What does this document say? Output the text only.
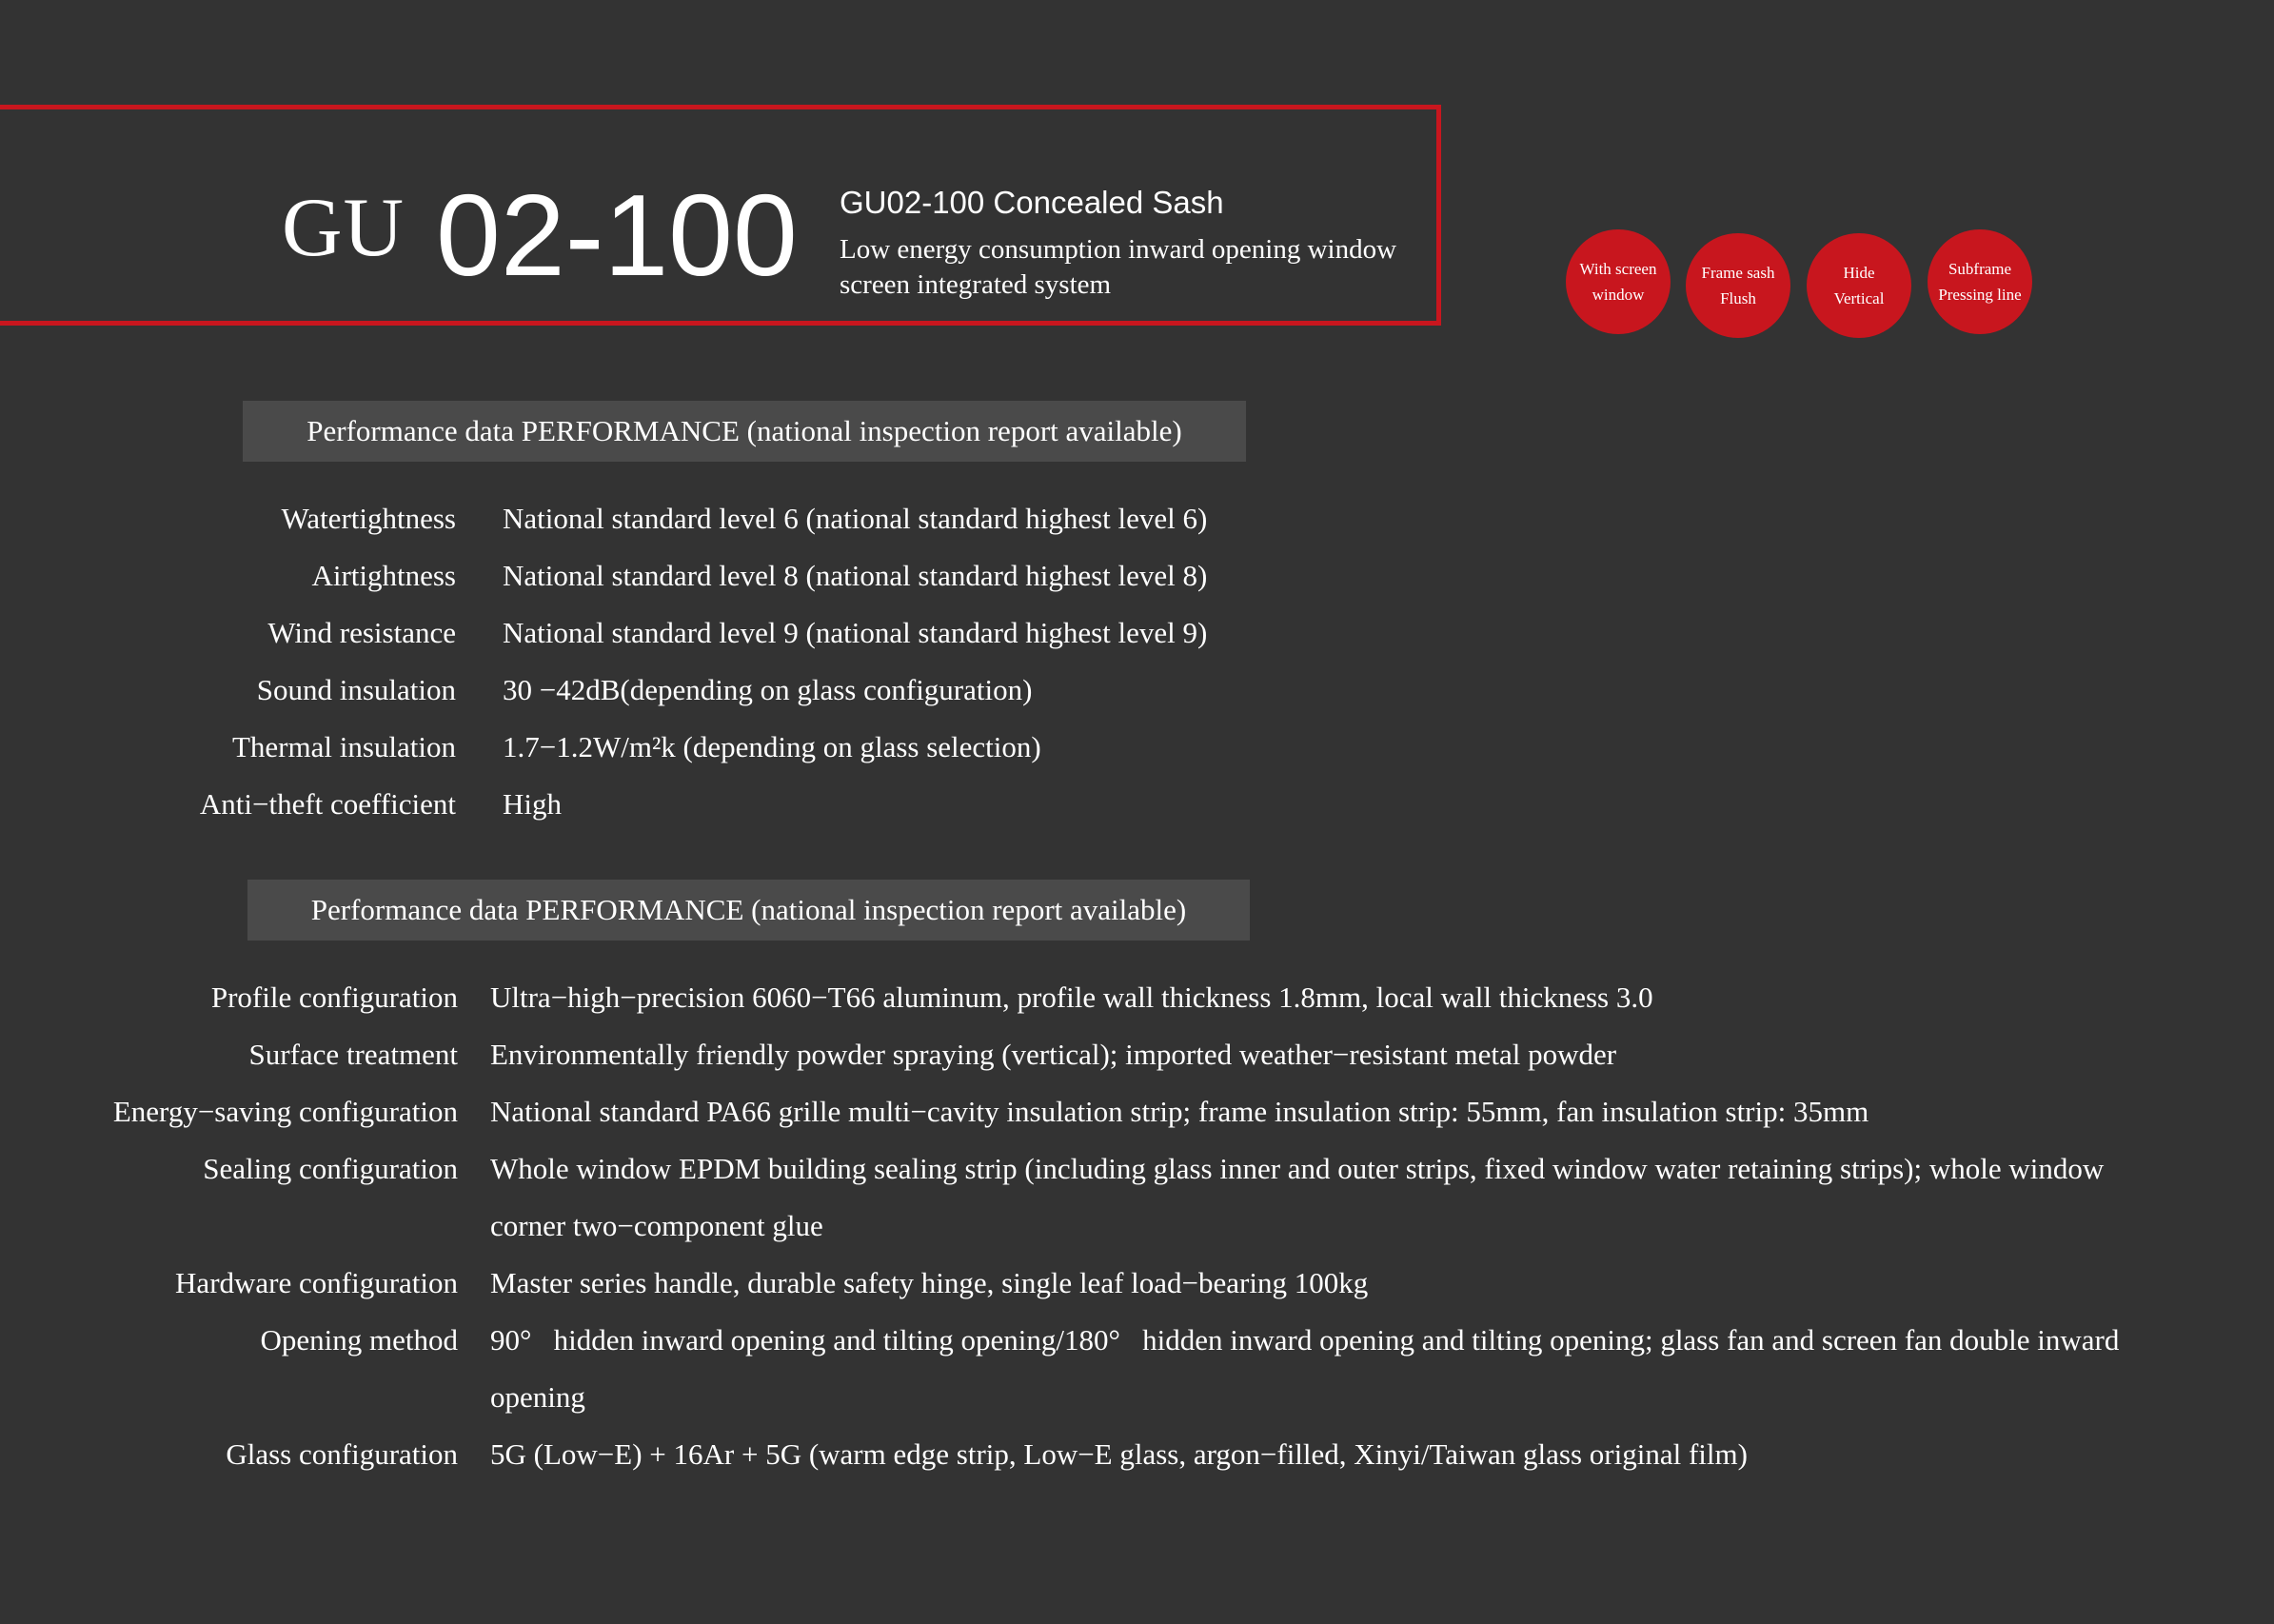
GU 02-100 GU02-100 Concealed Sash
Low energy consumption inward opening window screen integrated system
With screen
window
Frame sash
Flush
Hide
Vertical
Subframe
Pressing line
Performance data PERFORMANCE (national inspection report available)
Watertightness National standard level 6 (national standard highest level 6)
Airtightness National standard level 8 (national standard highest level 8)
Wind resistance National standard level 9 (national standard highest level 9)
Sound insulation 30 −42dB(depending on glass configuration)
Thermal insulation 1.7−1.2W/m²k (depending on glass selection)
Anti−theft coefficient High
Performance data PERFORMANCE (national inspection report available)
Profile configuration Ultra−high−precision 6060−T66 aluminum, profile wall thickness 1.8mm, local wall thickness 3.0
Surface treatment Environmentally friendly powder spraying (vertical); imported weather−resistant metal powder
Energy−saving configuration National standard PA66 grille multi−cavity insulation strip; frame insulation strip: 55mm, fan insulation strip: 35mm
Sealing configuration Whole window EPDM building sealing strip (including glass inner and outer strips, fixed window water retaining strips); whole window corner two−component glue
Hardware configuration Master series handle, durable safety hinge, single leaf load−bearing 100kg
Opening method 90°   hidden inward opening and tilting opening/180°   hidden inward opening and tilting opening; glass fan and screen fan double inward opening
Glass configuration 5G (Low−E) + 16Ar + 5G (warm edge strip, Low−E glass, argon−filled, Xinyi/Taiwan glass original film)
